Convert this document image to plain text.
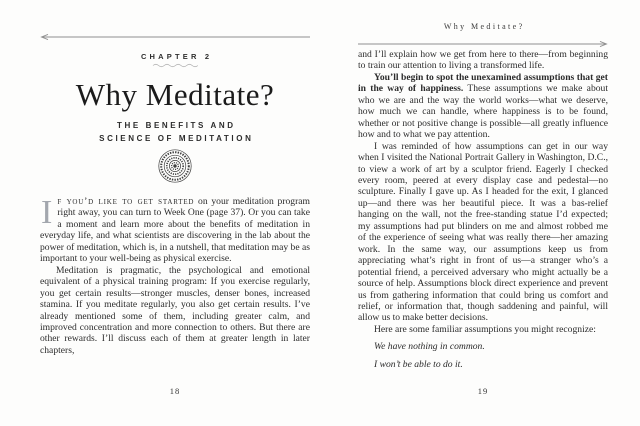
CHAPTER 2
Why Meditate?
THE BENEFITS AND
SCIENCE OF MEDITATION

If you’d like to get started on your meditation program right away, you can turn to Week One (page 37). Or you can take a moment and learn more about the benefits of meditation in everyday life, and what scientists are discovering in the lab about the power of meditation, which is, in a nutshell, that meditation may be as important to your well-being as physical exercise.

Meditation is pragmatic, the psychological and emotional equivalent of a physical training program: If you exercise regularly, you get certain results—stronger muscles, denser bones, increased stamina. If you meditate regularly, you also get certain results. I’ve already mentioned some of them, including greater calm, and improved concentration and more connection to others. But there are other rewards. I’ll discuss each of them at greater length in later chapters,

18
Why Meditate?

and I’ll explain how we get from here to there—from beginning to train our attention to living a transformed life.

You’ll begin to spot the unexamined assumptions that get in the way of happiness. These assumptions we make about who we are and the way the world works—what we deserve, how much we can handle, where happiness is to be found, whether or not positive change is possible—all greatly influence how and to what we pay attention.

I was reminded of how assumptions can get in our way when I visited the National Portrait Gallery in Washington, D.C., to view a work of art by a sculptor friend. Eagerly I checked every room, peered at every display case and pedestal—no sculpture. Finally I gave up. As I headed for the exit, I glanced up—and there was her beautiful piece. It was a bas-relief hanging on the wall, not the free-standing statue I’d expected; my assumptions had put blinders on me and almost robbed me of the experience of seeing what was really there—her amazing work. In the same way, our assumptions keep us from appreciating what’s right in front of us—a stranger who’s a potential friend, a perceived adversary who might actually be a source of help. Assumptions block direct experience and prevent us from gathering information that could bring us comfort and relief, or information that, though saddening and painful, will allow us to make better decisions.

Here are some familiar assumptions you might recognize:

We have nothing in common.

I won’t be able to do it.

19
